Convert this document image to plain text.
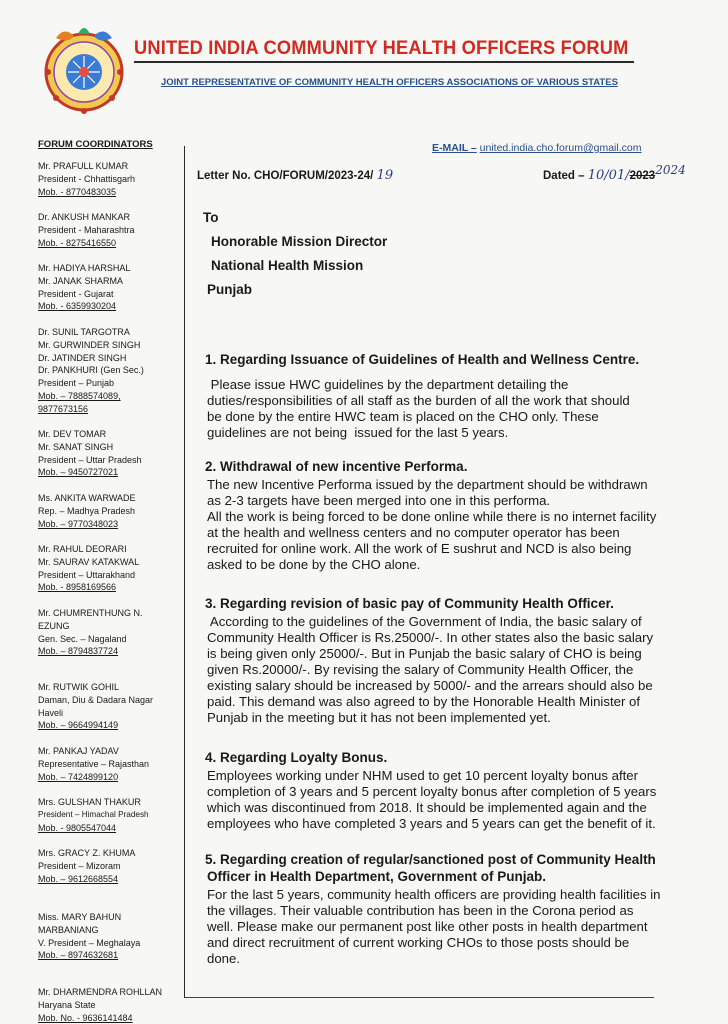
UNITED INDIA COMMUNITY HEALTH OFFICERS FORUM
JOINT REPRESENTATIVE OF COMMUNITY HEALTH OFFICERS ASSOCIATIONS OF VARIOUS STATES
FORUM COORDINATORS
Mr. PRAFULL KUMAR
President - Chhattisgarh
Mob. - 8770483035
Dr. ANKUSH MANKAR
President - Maharashtra
Mob. - 8275416550
Mr. HADIYA HARSHAL
Mr. JANAK SHARMA
President - Gujarat
Mob. - 6359930204
Dr. SUNIL TARGOTRA
Mr. GURWINDER SINGH
Dr. JATINDER SINGH
Dr. PANKHURI (Gen Sec.)
President – Punjab
Mob. – 7888574089,
9877673156
Mr. DEV TOMAR
Mr. SANAT SINGH
President – Uttar Pradesh
Mob. – 9450727021
Ms. ANKITA WARWADE
Rep. – Madhya Pradesh
Mob. – 9770348023
Mr. RAHUL DEORARI
Mr. SAURAV KATAKWAL
President – Uttarakhand
Mob. - 8958169566
Mr. CHUMRENTHUNG N.
EZUNG
Gen. Sec. – Nagaland
Mob. – 8794837724
Mr. RUTWIK GOHIL
Daman, Diu & Dadara Nagar
Haveli
Mob. – 9664994149
Mr. PANKAJ YADAV
Representative – Rajasthan
Mob. – 7424899120
Mrs. GULSHAN THAKUR
President – Himachal Pradesh
Mob. - 9805547044
Mrs. GRACY Z. KHUMA
President – Mizoram
Mob. – 9612668554
Miss. MARY BAHUN
MARBANIANG
V. President – Meghalaya
Mob. – 8974632681
Mr. DHARMENDRA ROHLLAN
Haryana State
Mob. No. - 9636141484
E-MAIL – united.india.cho.forum@gmail.com
Letter No. CHO/FORUM/2023-24/ 19	Dated – 10/01/20232024
To
Honorable Mission Director
National Health Mission
Punjab
1. Regarding Issuance of Guidelines of Health and Wellness Centre.
Please issue HWC guidelines by the department detailing the
duties/responsibilities of all staff as the burden of all the work that should
be done by the entire HWC team is placed on the CHO only. These
guidelines are not being  issued for the last 5 years.
2. Withdrawal of new incentive Performa.
The new Incentive Performa issued by the department should be withdrawn
as 2-3 targets have been merged into one in this performa.
All the work is being forced to be done online while there is no internet facility
at the health and wellness centers and no computer operator has been
recruited for online work. All the work of E sushrut and NCD is also being
asked to be done by the CHO alone.
3. Regarding revision of basic pay of Community Health Officer.
According to the guidelines of the Government of India, the basic salary of
Community Health Officer is Rs.25000/-. In other states also the basic salary
is being given only 25000/-. But in Punjab the basic salary of CHO is being
given Rs.20000/-. By revising the salary of Community Health Officer, the
existing salary should be increased by 5000/- and the arrears should also be
paid. This demand was also agreed to by the Honorable Health Minister of
Punjab in the meeting but it has not been implemented yet.
4. Regarding Loyalty Bonus.
Employees working under NHM used to get 10 percent loyalty bonus after
completion of 3 years and 5 percent loyalty bonus after completion of 5 years
which was discontinued from 2018. It should be implemented again and the
employees who have completed 3 years and 5 years can get the benefit of it.
5. Regarding creation of regular/sanctioned post of Community Health
Officer in Health Department, Government of Punjab.
For the last 5 years, community health officers are providing health facilities in
the villages. Their valuable contribution has been in the Corona period as
well. Please make our permanent post like other posts in health department
and direct recruitment of current working CHOs to those posts should be
done.
